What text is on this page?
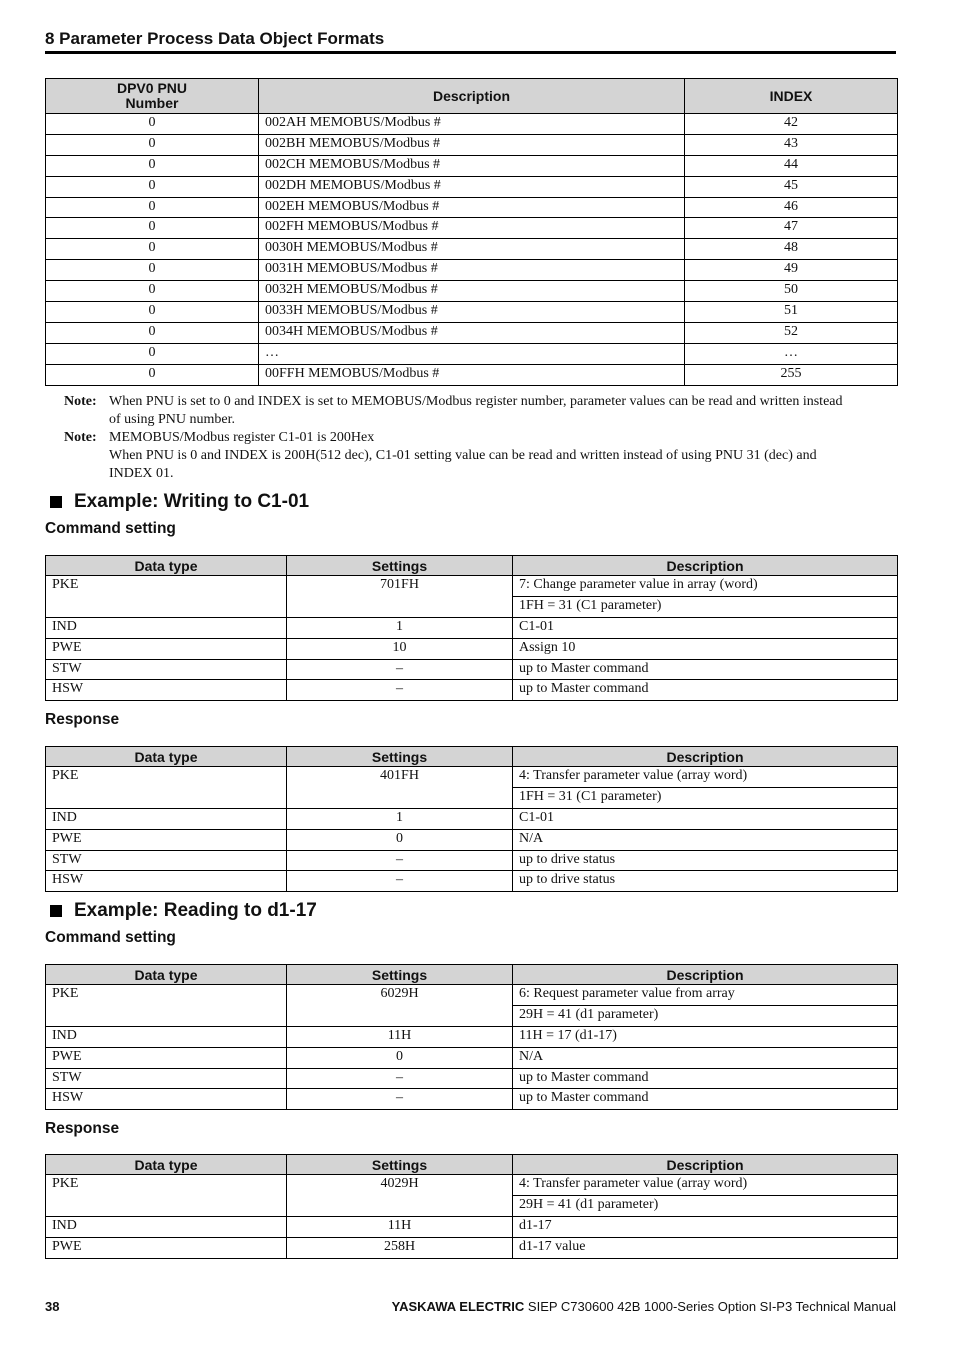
8 Parameter Process Data Object Formats
DPV0 PNU
Number	Description	INDEX
0	002AH MEMOBUS/Modbus #	42
0	002BH MEMOBUS/Modbus #	43
0	002CH MEMOBUS/Modbus #	44
0	002DH MEMOBUS/Modbus #	45
0	002EH MEMOBUS/Modbus #	46
0	002FH MEMOBUS/Modbus #	47
0	0030H MEMOBUS/Modbus #	48
0	0031H MEMOBUS/Modbus #	49
0	0032H MEMOBUS/Modbus #	50
0	0033H MEMOBUS/Modbus #	51
0	0034H MEMOBUS/Modbus #	52
0	…	…
0	00FFH MEMOBUS/Modbus #	255
Note: When PNU is set to 0 and INDEX is set to MEMOBUS/Modbus register number, parameter values can be read and written instead of using PNU number.
Note: MEMOBUS/Modbus register C1-01 is 200Hex
When PNU is 0 and INDEX is 200H(512 dec), C1-01 setting value can be read and written instead of using PNU 31 (dec) and INDEX 01.
Example: Writing to C1-01
Command setting
Data type	Settings	Description
PKE	701FH	7: Change parameter value in array (word)
		1FH = 31 (C1 parameter)
IND	1	C1-01
PWE	10	Assign 10
STW	–	up to Master command
HSW	–	up to Master command
Response
Data type	Settings	Description
PKE	401FH	4: Transfer parameter value (array word)
		1FH = 31 (C1 parameter)
IND	1	C1-01
PWE	0	N/A
STW	–	up to drive status
HSW	–	up to drive status
Example: Reading to d1-17
Command setting
Data type	Settings	Description
PKE	6029H	6: Request parameter value from array
		29H = 41 (d1 parameter)
IND	11H	11H = 17 (d1-17)
PWE	0	N/A
STW	–	up to Master command
HSW	–	up to Master command
Response
Data type	Settings	Description
PKE	4029H	4: Transfer parameter value (array word)
		29H = 41 (d1 parameter)
IND	11H	d1-17
PWE	258H	d1-17 value
38	YASKAWA ELECTRIC SIEP C730600 42B 1000-Series Option SI-P3 Technical Manual
